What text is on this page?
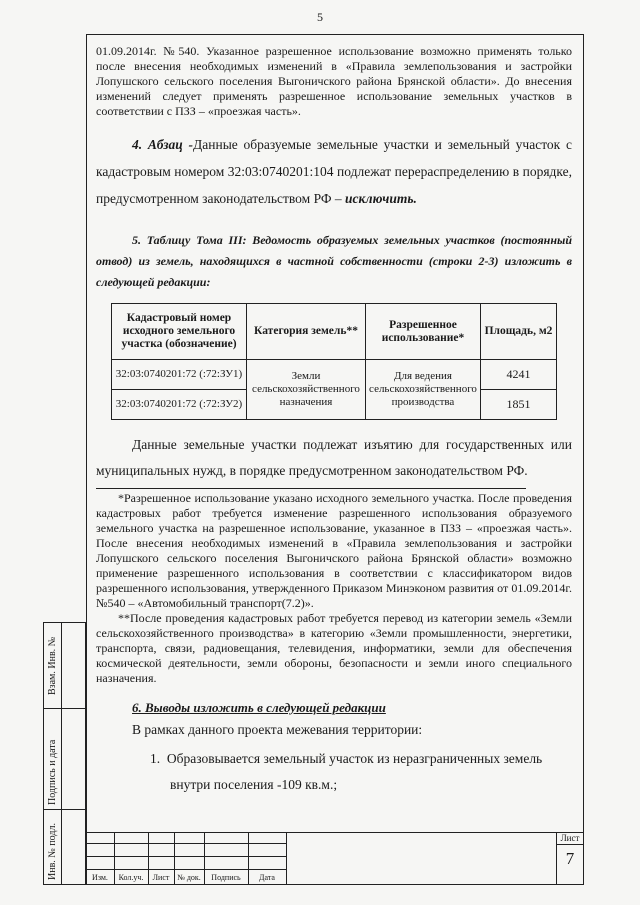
5

01.09.2014г. №540. Указанное разрешенное использование возможно применять только после внесения необходимых изменений в «Правила землепользования и застройки Лопушского сельского поселения Выгоничского района Брянской области». До внесения изменений следует применять разрешенное использование земельных участков в соответствии с ПЗЗ – «проезжая часть».

4. Абзац -Данные образуемые земельные участки и земельный участок с кадастровым номером 32:03:0740201:104 подлежат перераспределению в порядке, предусмотренном законодательством РФ – исключить.

5. Таблицу Тома III: Ведомость образуемых земельных участков (постоянный отвод) из земель, находящихся в частной собственности (строки 2-3) изложить в следующей редакции:

Кадастровый номер исходного земельного участка (обозначение)	Категория земель**	Разрешенное использование*	Площадь, м2
32:03:0740201:72 (:72:ЗУ1)	Земли сельскохозяйственного назначения	Для ведения сельскохозяйственного производства	4241
32:03:0740201:72 (:72:ЗУ2)			1851

Данные земельные участки подлежат изъятию для государственных или муниципальных нужд, в порядке предусмотренном законодательством РФ.

*Разрешенное использование указано исходного земельного участка. После проведения кадастровых работ требуется изменение разрешенного использования образуемого земельного участка на разрешенное использование, указанное в ПЗЗ – «проезжая часть». После внесения необходимых изменений в «Правила землепользования и застройки Лопушского сельского поселения Выгоничского района Брянской области» возможно применение разрешенного использования в соответствии с классификатором видов разрешенного использования, утвержденного Приказом Минэконом развития от 01.09.2014г. №540 – «Автомобильный транспорт(7.2)».

**После проведения кадастровых работ требуется перевод из категории земель «Земли сельскохозяйственного производства» в категорию «Земли промышленности, энергетики, транспорта, связи, радиовещания, телевидения, информатики, земли для обеспечения космической деятельности, земли обороны, безопасности и земли иного специального назначения.

6. Выводы изложить в следующей редакции

В рамках данного проекта межевания территории:

1. Образовывается земельный участок из неразграниченных земель

внутри поселения -109 кв.м.;

Взам. Инв. №
Подпись и дата
Инв. № подл.	Изм.	Кол.уч.	Лист № док.	Подпись	Дата
Лист
7
